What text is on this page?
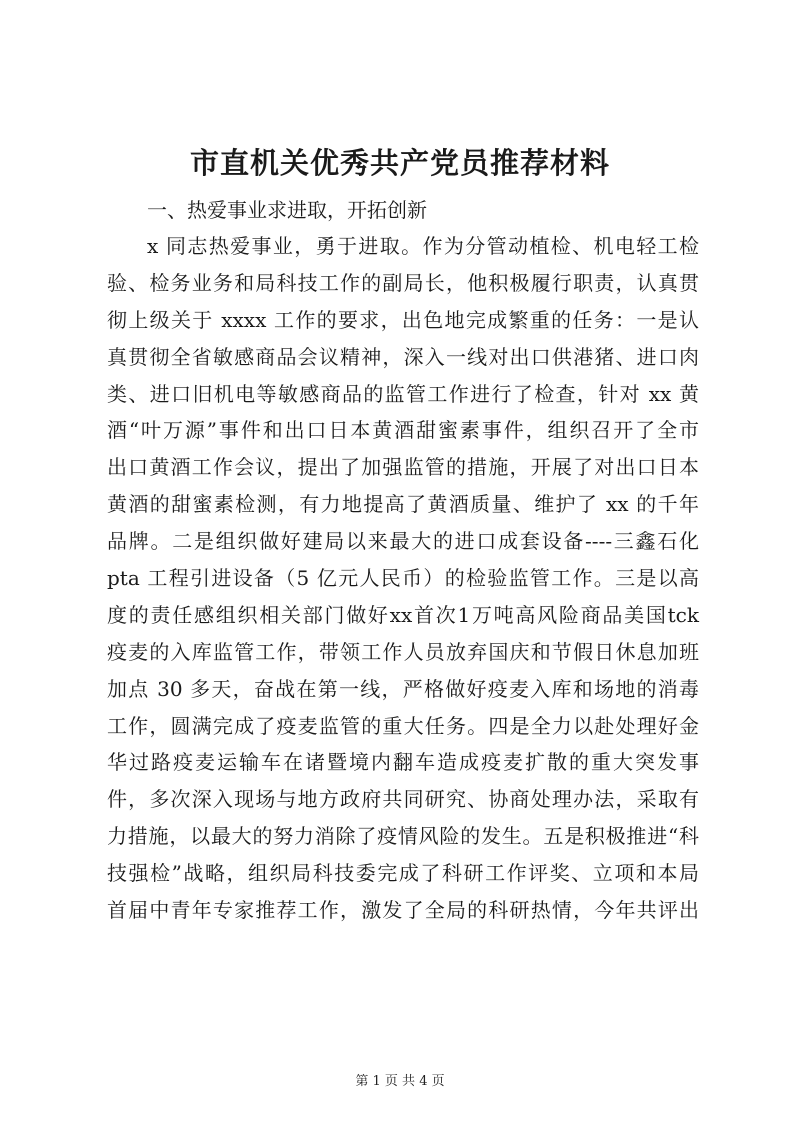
市直机关优秀共产党员推荐材料

一、热爱事业求进取，开拓创新

x 同志热爱事业，勇于进取。作为分管动植检、机电轻工检
验、检务业务和局科技工作的副局长，他积极履行职责，认真贯
彻上级关于 xxxx 工作的要求，出色地完成繁重的任务：一是认
真贯彻全省敏感商品会议精神，深入一线对出口供港猪、进口肉
类、进口旧机电等敏感商品的监管工作进行了检查，针对 xx 黄
酒“叶万源”事件和出口日本黄酒甜蜜素事件，组织召开了全市
出口黄酒工作会议，提出了加强监管的措施，开展了对出口日本
黄酒的甜蜜素检测，有力地提高了黄酒质量、维护了 xx 的千年
品牌。二是组织做好建局以来最大的进口成套设备----三鑫石化
pta 工程引进设备（5 亿元人民币）的检验监管工作。三是以高
度的责任感组织相关部门做好xx首次1万吨高风险商品美国tck
疫麦的入库监管工作，带领工作人员放弃国庆和节假日休息加班
加点 30 多天，奋战在第一线，严格做好疫麦入库和场地的消毒
工作，圆满完成了疫麦监管的重大任务。四是全力以赴处理好金
华过路疫麦运输车在诸暨境内翻车造成疫麦扩散的重大突发事
件，多次深入现场与地方政府共同研究、协商处理办法，采取有
力措施，以最大的努力消除了疫情风险的发生。五是积极推进“科
技强检”战略，组织局科技委完成了科研工作评奖、立项和本局
首届中青年专家推荐工作，激发了全局的科研热情，今年共评出
第 1 页 共 4 页
